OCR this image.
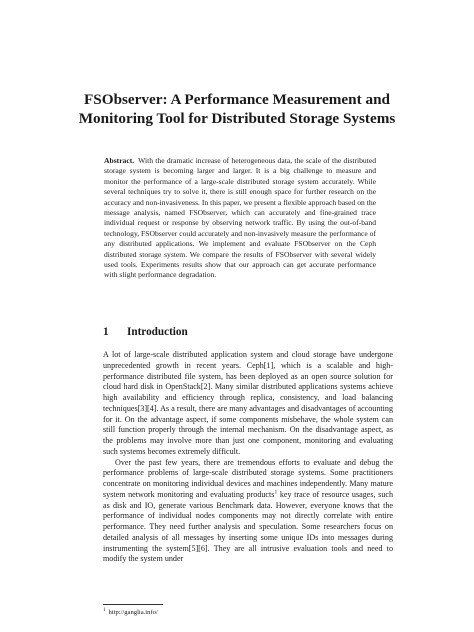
FSObserver: A Performance Measurement and
Monitoring Tool for Distributed Storage Systems
Abstract. With the dramatic increase of heterogeneous data, the scale of the distributed storage system is becoming larger and larger. It is a big challenge to measure and monitor the performance of a large-scale distributed storage system accurately. While several techniques try to solve it, there is still enough space for further research on the accuracy and non-invasiveness. In this paper, we present a flexible approach based on the message analysis, named FSObserver, which can accurately and fine-grained trace individual request or response by observing network traffic. By using the out-of-band technology, FSObserver could accurately and non-invasively measure the performance of any distributed applications. We implement and evaluate FSObserver on the Ceph distributed storage system. We compare the results of FSObserver with several widely used tools. Experiments results show that our approach can get accurate performance with slight performance degradation.
1 Introduction

A lot of large-scale distributed application system and cloud storage have undergone unprecedented growth in recent years. Ceph[1], which is a scalable and high-performance distributed file system, has been deployed as an open source solution for cloud hard disk in OpenStack[2]. Many similar distributed applications systems achieve high availability and efficiency through replica, consistency, and load balancing techniques[3][4]. As a result, there are many advantages and disadvantages of accounting for it. On the advantage aspect, if some components misbehave, the whole system can still function properly through the internal mechanism. On the disadvantage aspect, as the problems may involve more than just one component, monitoring and evaluating such systems becomes extremely difficult.

Over the past few years, there are tremendous efforts to evaluate and debug the performance problems of large-scale distributed storage systems. Some practitioners concentrate on monitoring individual devices and machines independently. Many mature system network monitoring and evaluating products$^1$ key trace of resource usages, such as disk and IO, generate various Benchmark data. However, everyone knows that the performance of individual nodes components may not directly correlate with entire performance. They need further analysis and speculation. Some researchers focus on detailed analysis of all messages by inserting some unique IDs into messages during instrumenting the system[5][6]. They are all intrusive evaluation tools and need to modify the system under

$^1$ http://ganglia.info/
